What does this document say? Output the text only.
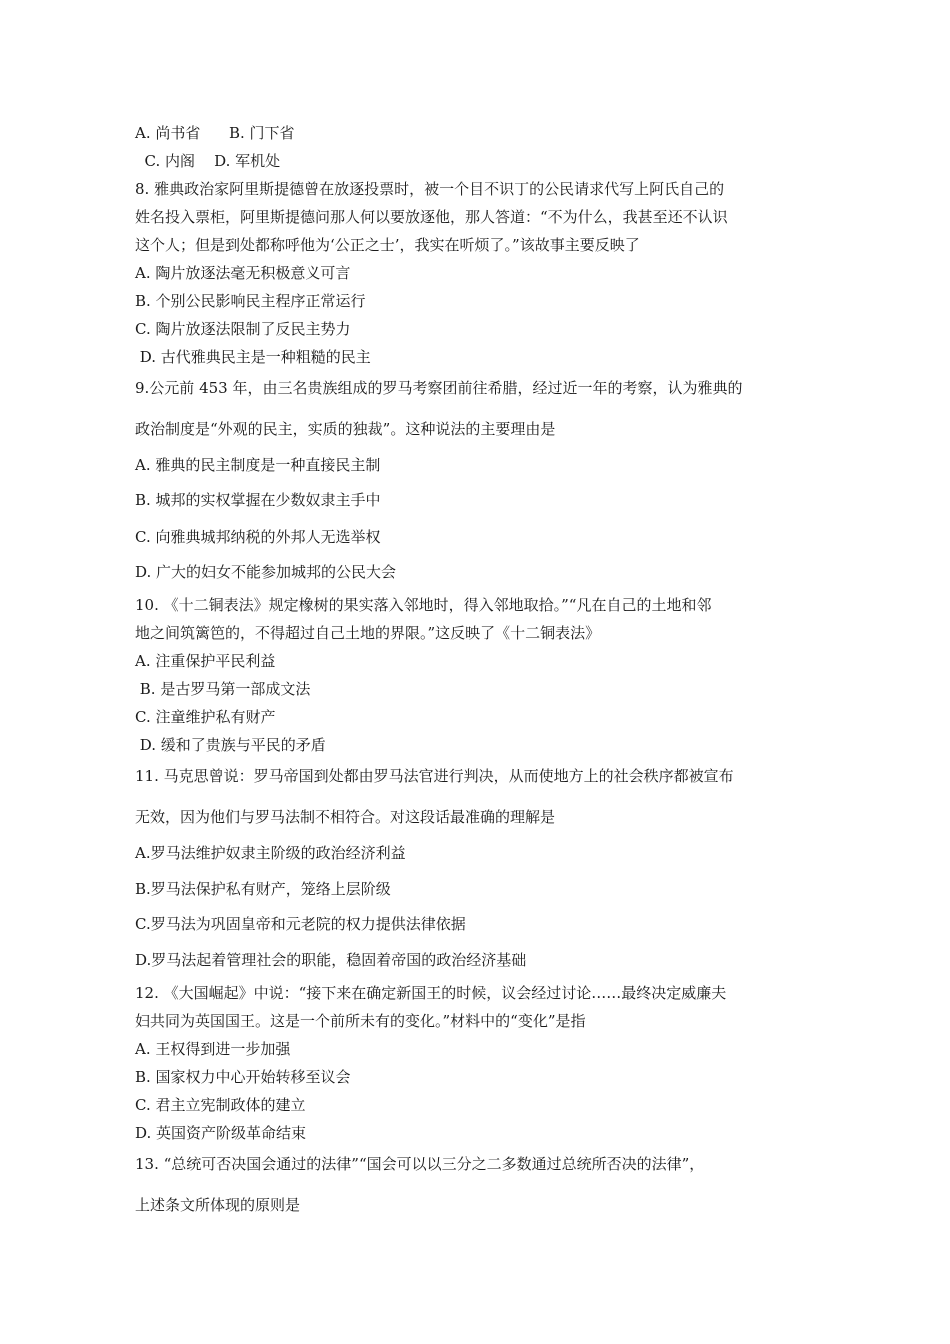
A. 尚书省      B. 门下省
C. 内阁    D. 军机处
8. 雅典政治家阿里斯提德曾在放逐投票时，被一个目不识丁的公民请求代写上阿氏自己的
姓名投入票柜，阿里斯提德问那人何以要放逐他，那人答道：“不为什么，我甚至还不认识
这个人；但是到处都称呼他为‘公正之士’，我实在听烦了。”该故事主要反映了
A. 陶片放逐法毫无积极意义可言
B. 个别公民影响民主程序正常运行
C. 陶片放逐法限制了反民主势力
D. 古代雅典民主是一种粗糙的民主
9.公元前 453 年，由三名贵族组成的罗马考察团前往希腊，经过近一年的考察，认为雅典的
政治制度是“外观的民主，实质的独裁”。这种说法的主要理由是
A. 雅典的民主制度是一种直接民主制
B. 城邦的实权掌握在少数奴隶主手中
C. 向雅典城邦纳税的外邦人无选举权
D. 广大的妇女不能参加城邦的公民大会
10. 《十二铜表法》规定橡树的果实落入邻地时，得入邻地取拾。”“凡在自己的土地和邻
地之间筑篱笆的，不得超过自己土地的界限。”这反映了《十二铜表法》
A. 注重保护平民利益
B. 是古罗马第一部成文法
C. 注童维护私有财产
D. 缓和了贵族与平民的矛盾
11. 马克思曾说：罗马帝国到处都由罗马法官进行判决，从而使地方上的社会秩序都被宣布
无效，因为他们与罗马法制不相符合。对这段话最准确的理解是
A.罗马法维护奴隶主阶级的政治经济利益
B.罗马法保护私有财产，笼络上层阶级
C.罗马法为巩固皇帝和元老院的权力提供法律依据
D.罗马法起着管理社会的职能，稳固着帝国的政治经济基础
12. 《大国崛起》中说：“接下来在确定新国王的时候，议会经过讨论……最终决定威廉夫
妇共同为英国国王。这是一个前所未有的变化。”材料中的“变化”是指
A. 王权得到进一步加强
B. 国家权力中心开始转移至议会
C. 君主立宪制政体的建立
D. 英国资产阶级革命结束
13. “总统可否决国会通过的法律”“国会可以以三分之二多数通过总统所否决的法律”，
上述条文所体现的原则是
